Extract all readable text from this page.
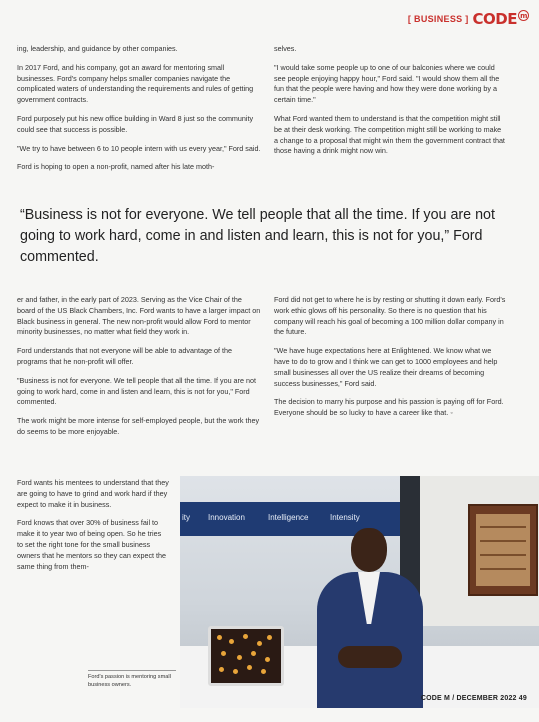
[ BUSINESS ] CODE m

ing, leadership, and guidance by other companies.

In 2017 Ford, and his company, got an award for mentoring small businesses. Ford's company helps smaller companies navigate the complicated waters of understanding the requirements and rules of getting government contracts.

Ford purposely put his new office building in Ward 8 just so the community could see that success is possible.

"We try to have between 6 to 10 people intern with us every year," Ford said.

Ford is hoping to open a non-profit, named after his late moth-

selves.

"I would take some people up to one of our balconies where we could see people enjoying happy hour," Ford said. "I would show them all the fun that the people were having and how they were done working by a certain time."

What Ford wanted them to understand is that the competition might still be at their desk working. The competition might still be working to make a change to a proposal that might win them the government contract that those having a drink might now win.

“Business is not for everyone. We tell people that all the time. If you are not going to work hard, come in and listen and learn, this is not for you,” Ford commented.

er and father, in the early part of 2023. Serving as the Vice Chair of the board of the US Black Chambers, Inc. Ford wants to have a larger impact on Black business in general. The new non-profit would allow Ford to mentor minority businesses, no matter what field they work in.

Ford understands that not everyone will be able to advantage of the programs that he non-profit will offer.

"Business is not for everyone. We tell people that all the time. If you are not going to work hard, come in and listen and learn, this is not for you," Ford commented.

The work might be more intense for self-employed people, but the work they do seems to be more enjoyable.

Ford did not get to where he is by resting or shutting it down early. Ford's work ethic glows off his personality. So there is no question that his company will reach his goal of becoming a 100 million dollar company in the future.

"We have huge expectations here at Enlightened. We know what we have to do to grow and I think we can get to 1000 employees and help small businesses all over the US realize their dreams of becoming success businesses," Ford said.

The decision to marry his purpose and his passion is paying off for Ford. Everyone should be so lucky to have a career like that. ◦

Ford wants his mentees to understand that they are going to have to grind and work hard if they expect to make it in business.

Ford knows that over 30% of business fail to make it to year two of being open. So he tries to set the right tone for the small business owners that he mentors so they can expect the same thing from them-

ity Innovation	Intelligence	Intensity
Ford's passion is mentoring small business owners.
CODE M / DECEMBER 2022 49
